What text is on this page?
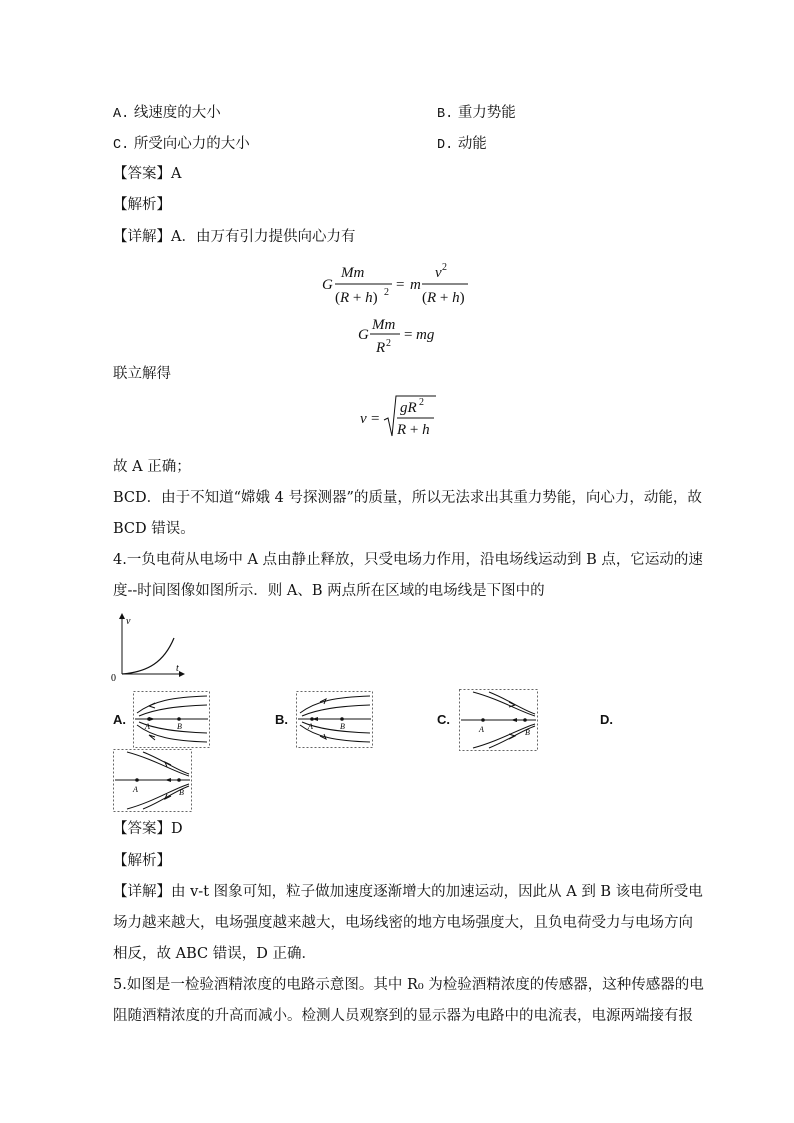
A. 线速度的大小	B. 重力势能
C. 所受向心力的大小	D. 动能
【答案】A
【解析】
【详解】A．由万有引力提供向心力有
G
Mm
(R + h) 2 = m
v 2
(R + h)
G
Mm
R 2
= mg
联立解得
v =
gR 2
R + h
故 A 正确；
BCD．由于不知道“嫦娥 4 号探测器”的质量，所以无法求出其重力势能，向心力，动能，故
BCD 错误。
4.一负电荷从电场中 A 点由静止释放，只受电场力作用，沿电场线运动到 B 点，它运动的速
度--时间图像如图所示．则 A、B 两点所在区域的电场线是下图中的
v
t
0
A. A	B	B.	A	B	C.
A	B
D.
A	B
【答案】D
【解析】
【详解】由 v-t 图象可知，粒子做加速度逐渐增大的加速运动，因此从 A 到 B 该电荷所受电
场力越来越大，电场强度越来越大，电场线密的地方电场强度大，且负电荷受力与电场方向
相反，故 ABC 错误，D 正确．
5.如图是一检验酒精浓度的电路示意图。其中 R₀ 为检验酒精浓度的传感器，这种传感器的电
阻随酒精浓度的升高而减小。检测人员观察到的显示器为电路中的电流表，电源两端接有报
